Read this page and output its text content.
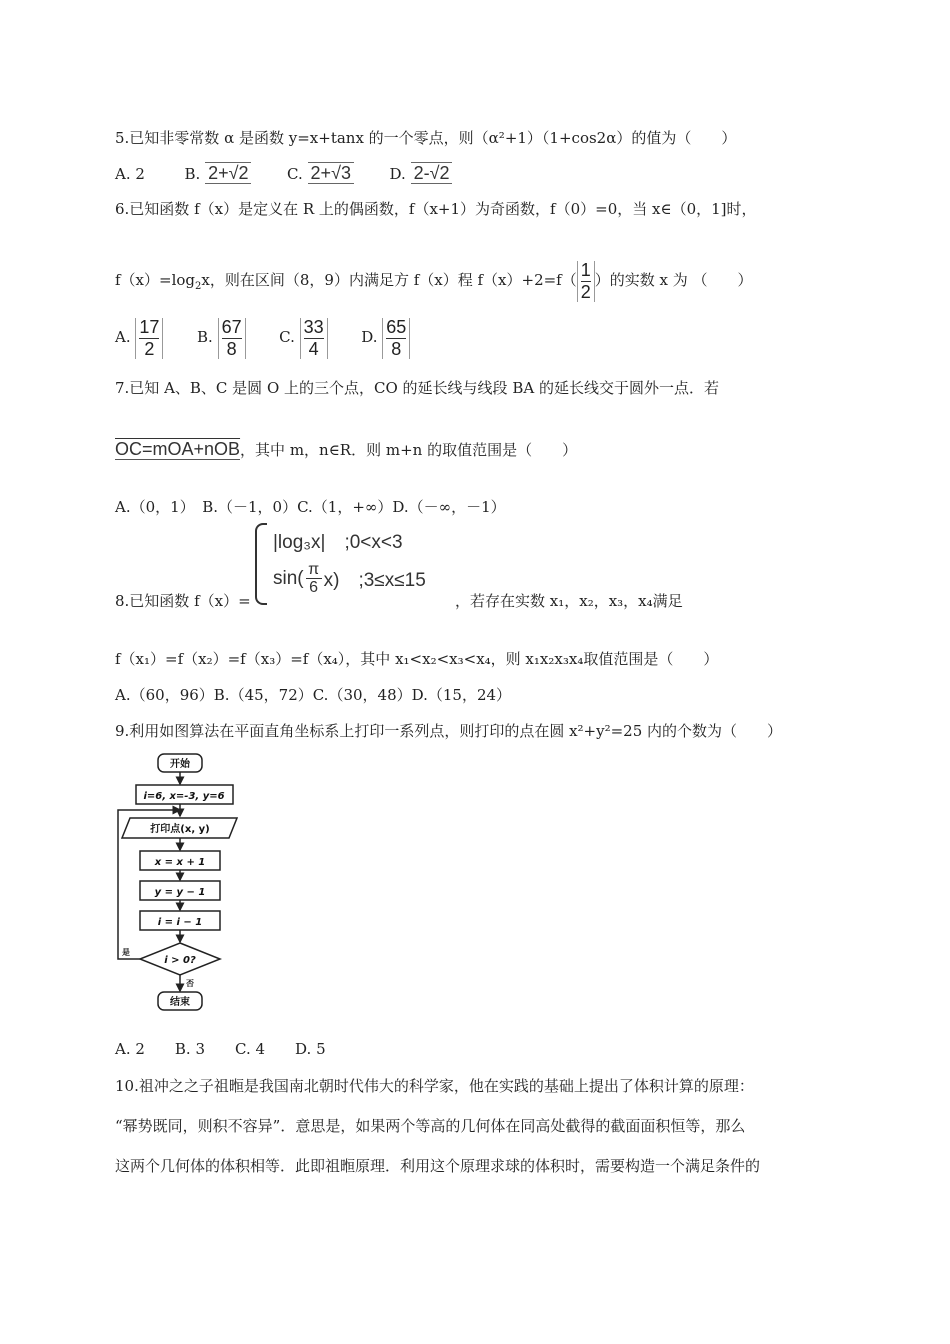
5.已知非零常数 α 是函数 y=x+tanx 的一个零点，则（α²+1）（1+cos2α）的值为（　　）
A. 2	B. 2+√2	C. 2+√3	D. 2-√2
6.已知函数 f（x）是定义在 R 上的偶函数，f（x+1）为奇函数，f（0）=0，当 x∈（0，1]时，
$f(x)=\log_2x$，则在区间（8，9）内满足方 f（x）程 $f(x)+2=f( \frac{1}{2}$ ）的实数 x 为 （　　）
A. $\frac{17}{2} B$. $\frac{67}{8} C$. $\frac{33}{4} D$. $\frac{65}{8}$
7.已知 A、B、C 是圆 O 上的三个点，CO 的延长线与线段 BA 的延长线交于圆外一点．若
OC=mOA+nOB，其中 m，n∈R．则 m+n 的取值范围是（　　）
A.（0，1）　B.（－1，0）C.（1，+∞）D.（－∞，－1）
|log₃x|　;0<x<3
sin( π
6 x)　;3≤x≤15
8.已知函数 f（x）=	，若存在实数 x₁，x₂，x₃，x₄满足
f（x₁）=f（x₂）=f（x₃）=f（x₄），其中 x₁<x₂<x₃<x₄，则 x₁x₂x₃x₄取值范围是（　　）
A.（60，96）B.（45，72）C.（30，48）D.（15，24）
9.利用如图算法在平面直角坐标系上打印一系列点，则打印的点在圆 x²+y²=25 内的个数为（　　）
开始
i=6, x=-3, y=6
打印点(x, y)
x = x + 1
y = y − 1
i = i − 1
i > 0?
是
否
结束
A. 2　　B. 3　　C. 4　　D. 5
10.祖冲之之子祖暅是我国南北朝时代伟大的科学家，他在实践的基础上提出了体积计算的原理：
“幂势既同，则积不容异”．意思是，如果两个等高的几何体在同高处截得的截面面积恒等，那么
这两个几何体的体积相等．此即祖暅原理．利用这个原理求球的体积时，需要构造一个满足条件的
